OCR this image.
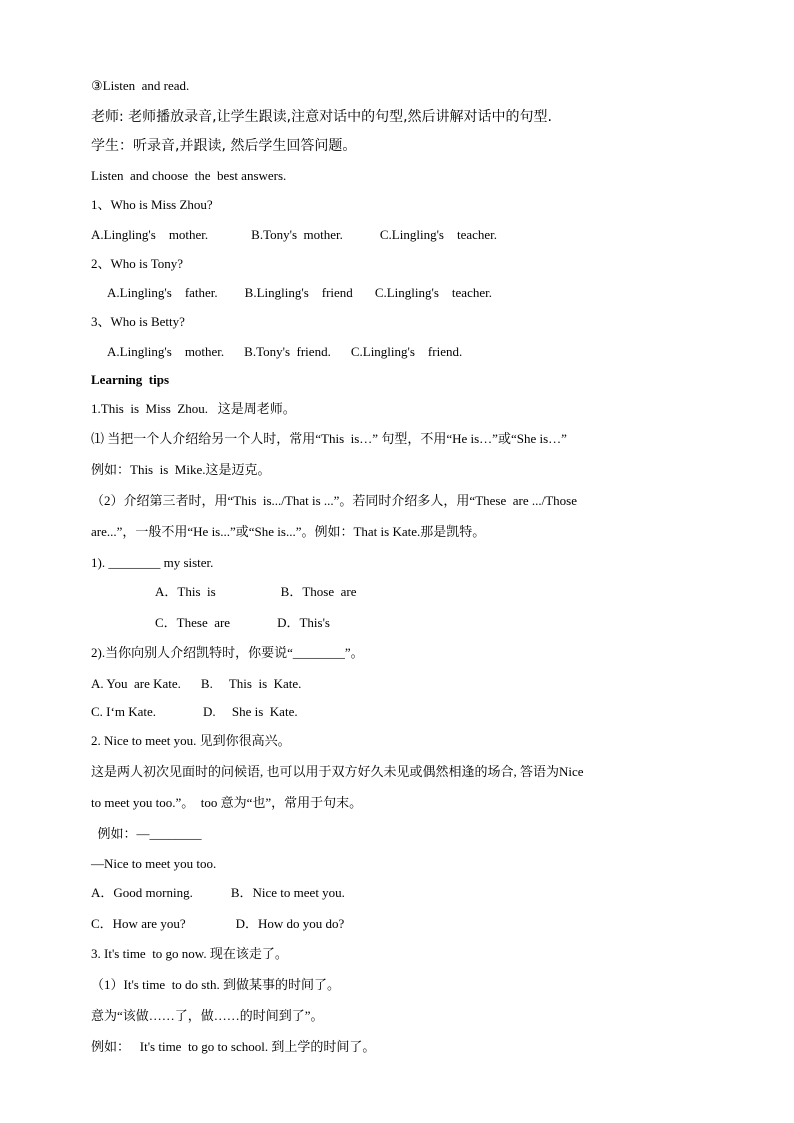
③Listen  and read.
老师: 老师播放录音,让学生跟读,注意对话中的句型,然后讲解对话中的句型.
学生：听录音,并跟读, 然后学生回答问题。
Listen  and choose  the  best answers.
1、Who is Miss Zhou?
A.Lingling's    mother.	B.Tony's  mother.	C.Lingling's    teacher.
2、Who is Tony?
A.Lingling's    father. B.Lingling's    friend C.Lingling's    teacher.
3、Who is Betty?
A.Lingling's    mother. B.Tony's  friend. C.Lingling's    friend.
Learning  tips
1.This  is  Miss  Zhou.   这是周老师。
⑴ 当把一个人介绍给另一个人时，常用“This  is…” 句型，不用“He is…”或“She is…”
例如：This  is  Mike.这是迈克。
（2）介绍第三者时，用“This  is.../That is ...”。若同时介绍多人，用“These  are .../Those
are...”，一般不用“He is...”或“She is...”。例如：That is Kate.那是凯特。
1). ________ my sister.
A．This  is	B．Those  are
C．These  are	D．This's
2).当你向别人介绍凯特时，你要说“________”。
A. You  are Kate. B.     This  is  Kate.
C. I‘m Kate.	D.     She is  Kate.
2. Nice to meet you. 见到你很高兴。
这是两人初次见面时的问候语, 也可以用于双方好久未见或偶然相逢的场合, 答语为Nice
to meet you too.”。  too 意为“也”，常用于句末。
例如：—________
—Nice to meet you too.
A．Good morning.	B．Nice to meet you.
C．How are you?	D．How do you do?
3. It's time  to go now. 现在该走了。
（1）It's time  to do sth. 到做某事的时间了。
意为“该做……了，做……的时间到了”。
例如：   It's time  to go to school. 到上学的时间了。
